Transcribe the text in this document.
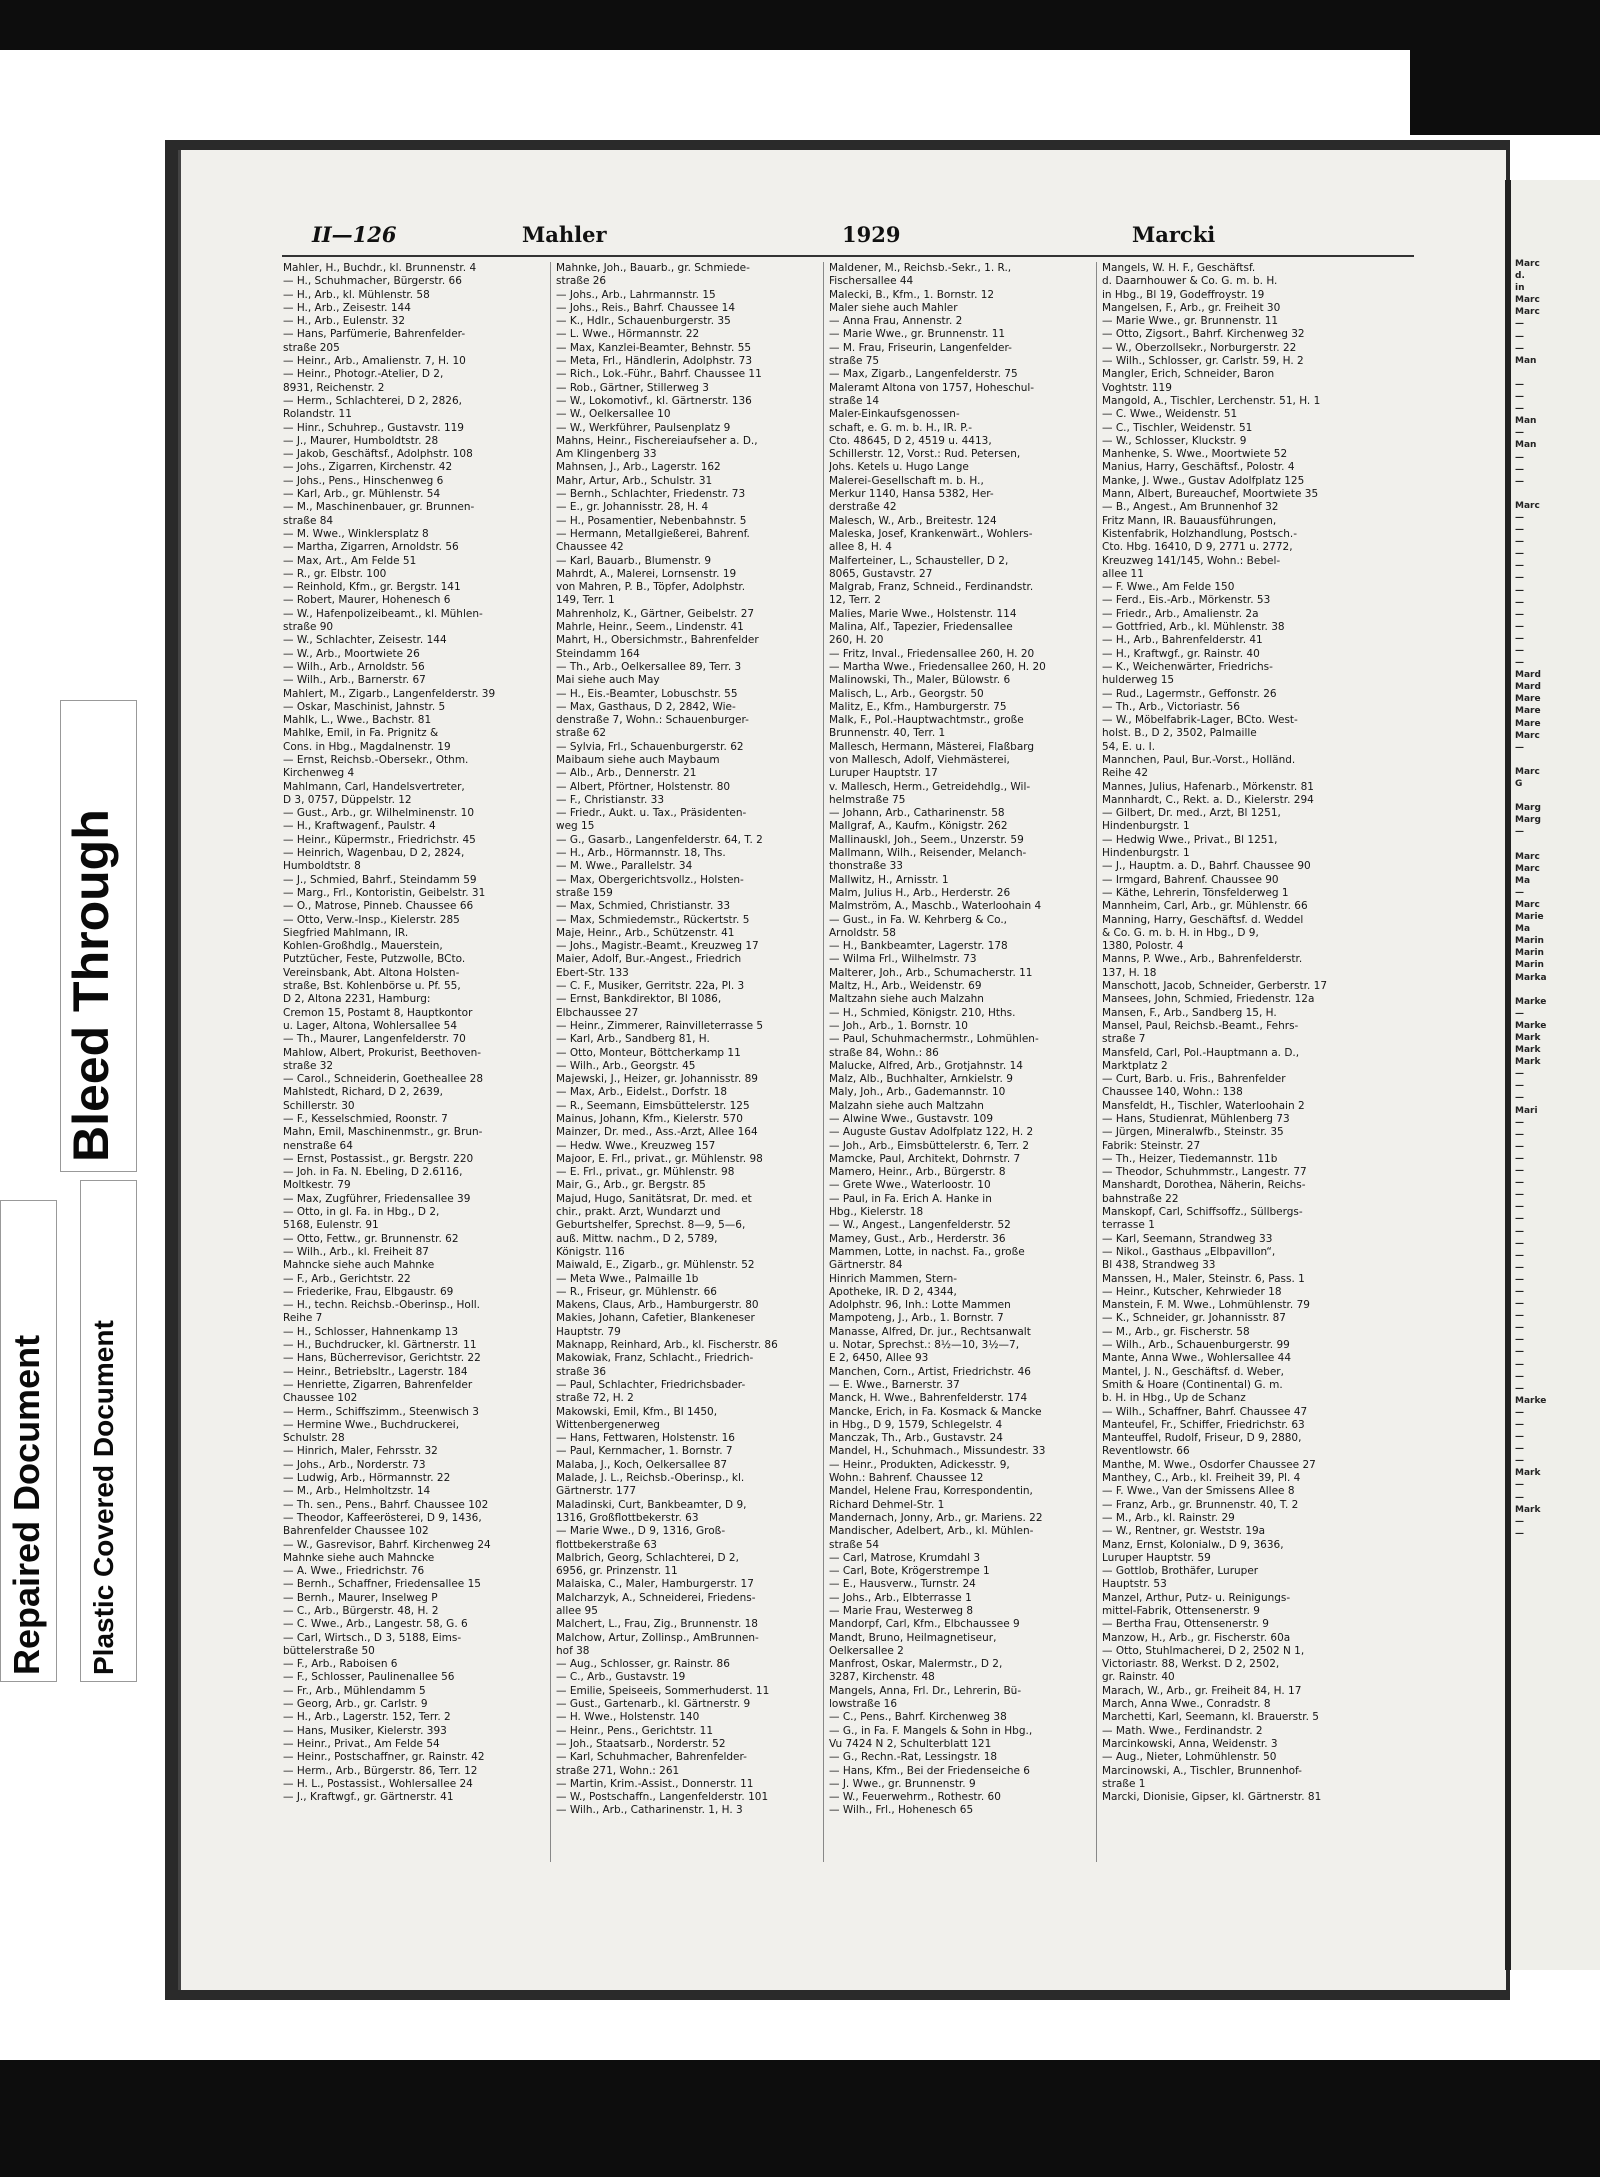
Bleed Through
Repaired Document Plastic Covered Document
Marc
d.
in
Marc
Marc
—
—
—
Man

—
—
—
Man
—
Man
—
—
—

Marc
—
—
—
—
—
—
—
—
—
—
—
—
—
Mard
Mard
Mare
Mare
Mare
Marc
—

Marc
G

Marg
Marg
—

Marc
Marc
Ma
—
Marc
Marie
Ma
Marin
Marin
Marin
Marka

Marke
—
Marke
Mark
Mark
Mark
—
—
—
Mari
—
—
—
—
—
—
—
—
—
—
—
—
—
—
—
—
—
—
—
—
—
—
—
Marke
—
—
—
—
—
Mark
—
—
Mark
—
—
II—126	Mahler	1929	Marcki
Mahler, H., Buchdr., kl. Brunnenstr. 4
— H., Schuhmacher, Bürgerstr. 66
— H., Arb., kl. Mühlenstr. 58
— H., Arb., Zeisestr. 144
— H., Arb., Eulenstr. 32
— Hans, Parfümerie, Bahrenfelder-
straße 205
— Heinr., Arb., Amalienstr. 7, H. 10
— Heinr., Photogr.-Atelier, D 2,
8931, Reichenstr. 2
— Herm., Schlachterei, D 2, 2826,
Rolandstr. 11
— Hinr., Schuhrep., Gustavstr. 119
— J., Maurer, Humboldtstr. 28
— Jakob, Geschäftsf., Adolphstr. 108
— Johs., Zigarren, Kirchenstr. 42
— Johs., Pens., Hinschenweg 6
— Karl, Arb., gr. Mühlenstr. 54
— M., Maschinenbauer, gr. Brunnen-
straße 84
— M. Wwe., Winklersplatz 8
— Martha, Zigarren, Arnoldstr. 56
— Max, Art., Am Felde 51
— R., gr. Elbstr. 100
— Reinhold, Kfm., gr. Bergstr. 141
— Robert, Maurer, Hohenesch 6
— W., Hafenpolizeibeamt., kl. Mühlen-
straße 90
— W., Schlachter, Zeisestr. 144
— W., Arb., Moortwiete 26
— Wilh., Arb., Arnoldstr. 56
— Wilh., Arb., Barnerstr. 67
Mahlert, M., Zigarb., Langenfelderstr. 39
— Oskar, Maschinist, Jahnstr. 5
Mahlk, L., Wwe., Bachstr. 81
Mahlke, Emil, in Fa. Prignitz &
Cons. in Hbg., Magdalnenstr. 19
— Ernst, Reichsb.-Obersekr., Othm.
Kirchenweg 4
Mahlmann, Carl, Handelsvertreter,
D 3, 0757, Düppelstr. 12
— Gust., Arb., gr. Wilhelminenstr. 10
— H., Kraftwagenf., Paulstr. 4
— Heinr., Küpermstr., Friedrichstr. 45
— Heinrich, Wagenbau, D 2, 2824,
Humboldtstr. 8
— J., Schmied, Bahrf., Steindamm 59
— Marg., Frl., Kontoristin, Geibelstr. 31
— O., Matrose, Pinneb. Chaussee 66
— Otto, Verw.-Insp., Kielerstr. 285
Siegfried Mahlmann, IR.
Kohlen-Großhdlg., Mauerstein,
Putztücher, Feste, Putzwolle, BCto.
Vereinsbank, Abt. Altona Holsten-
straße, Bst. Kohlenbörse u. Pf. 55,
D 2, Altona 2231, Hamburg:
Cremon 15, Postamt 8, Hauptkontor
u. Lager, Altona, Wohlersallee 54
— Th., Maurer, Langenfelderstr. 70
Mahlow, Albert, Prokurist, Beethoven-
straße 32
— Carol., Schneiderin, Goetheallee 28
Mahlstedt, Richard, D 2, 2639,
Schillerstr. 30
— F., Kesselschmied, Roonstr. 7
Mahn, Emil, Maschinenmstr., gr. Brun-
nenstraße 64
— Ernst, Postassist., gr. Bergstr. 220
— Joh. in Fa. N. Ebeling, D 2.6116,
Moltkestr. 79
— Max, Zugführer, Friedensallee 39
— Otto, in gl. Fa. in Hbg., D 2,
5168, Eulenstr. 91
— Otto, Fettw., gr. Brunnenstr. 62
— Wilh., Arb., kl. Freiheit 87
Mahncke siehe auch Mahnke
— F., Arb., Gerichtstr. 22
— Friederike, Frau, Elbgaustr. 69
— H., techn. Reichsb.-Oberinsp., Holl.
Reihe 7
— H., Schlosser, Hahnenkamp 13
— H., Buchdrucker, kl. Gärtnerstr. 11
— Hans, Bücherrevisor, Gerichtstr. 22
— Heinr., Betriebsltr., Lagerstr. 184
— Henriette, Zigarren, Bahrenfelder
Chaussee 102
— Herm., Schiffszimm., Steenwisch 3
— Hermine Wwe., Buchdruckerei,
Schulstr. 28
— Hinrich, Maler, Fehrsstr. 32
— Johs., Arb., Norderstr. 73
— Ludwig, Arb., Hörmannstr. 22
— M., Arb., Helmholtzstr. 14
— Th. sen., Pens., Bahrf. Chaussee 102
— Theodor, Kaffeerösterei, D 9, 1436,
Bahrenfelder Chaussee 102
— W., Gasrevisor, Bahrf. Kirchenweg 24
Mahnke siehe auch Mahncke
— A. Wwe., Friedrichstr. 76
— Bernh., Schaffner, Friedensallee 15
— Bernh., Maurer, Inselweg P
— C., Arb., Bürgerstr. 48, H. 2
— C. Wwe., Arb., Langestr. 58, G. 6
— Carl, Wirtsch., D 3, 5188, Eims-
büttelerstraße 50
— F., Arb., Raboisen 6
— F., Schlosser, Paulinenallee 56
— Fr., Arb., Mühlendamm 5
— Georg, Arb., gr. Carlstr. 9
— H., Arb., Lagerstr. 152, Terr. 2
— Hans, Musiker, Kielerstr. 393
— Heinr., Privat., Am Felde 54
— Heinr., Postschaffner, gr. Rainstr. 42
— Herm., Arb., Bürgerstr. 86, Terr. 12
— H. L., Postassist., Wohlersallee 24
— J., Kraftwgf., gr. Gärtnerstr. 41
Mahnke, Joh., Bauarb., gr. Schmiede-
straße 26
— Johs., Arb., Lahrmannstr. 15
— Johs., Reis., Bahrf. Chaussee 14
— K., Hdlr., Schauenburgerstr. 35
— L. Wwe., Hörmannstr. 22
— Max, Kanzlei-Beamter, Behnstr. 55
— Meta, Frl., Händlerin, Adolphstr. 73
— Rich., Lok.-Führ., Bahrf. Chaussee 11
— Rob., Gärtner, Stillerweg 3
— W., Lokomotivf., kl. Gärtnerstr. 136
— W., Oelkersallee 10
— W., Werkführer, Paulsenplatz 9
Mahns, Heinr., Fischereiaufseher a. D.,
Am Klingenberg 33
Mahnsen, J., Arb., Lagerstr. 162
Mahr, Artur, Arb., Schulstr. 31
— Bernh., Schlachter, Friedenstr. 73
— E., gr. Johannisstr. 28, H. 4
— H., Posamentier, Nebenbahnstr. 5
— Hermann, Metallgießerei, Bahrenf.
Chaussee 42
— Karl, Bauarb., Blumenstr. 9
Mahrdt, A., Malerei, Lornsenstr. 19
von Mahren, P. B., Töpfer, Adolphstr.
149, Terr. 1
Mahrenholz, K., Gärtner, Geibelstr. 27
Mahrle, Heinr., Seem., Lindenstr. 41
Mahrt, H., Obersichmstr., Bahrenfelder
Steindamm 164
— Th., Arb., Oelkersallee 89, Terr. 3
Mai siehe auch May
— H., Eis.-Beamter, Lobuschstr. 55
— Max, Gasthaus, D 2, 2842, Wie-
denstraße 7, Wohn.: Schauenburger-
straße 62
— Sylvia, Frl., Schauenburgerstr. 62
Maibaum siehe auch Maybaum
— Alb., Arb., Dennerstr. 21
— Albert, Pförtner, Holstenstr. 80
— F., Christianstr. 33
— Friedr., Aukt. u. Tax., Präsidenten-
weg 15
— G., Gasarb., Langenfelderstr. 64, T. 2
— H., Arb., Hörmannstr. 18, Ths.
— M. Wwe., Parallelstr. 34
— Max, Obergerichtsvollz., Holsten-
straße 159
— Max, Schmied, Christianstr. 33
— Max, Schmiedemstr., Rückertstr. 5
Maje, Heinr., Arb., Schützenstr. 41
— Johs., Magistr.-Beamt., Kreuzweg 17
Maier, Adolf, Bur.-Angest., Friedrich
Ebert-Str. 133
— C. F., Musiker, Gerritstr. 22a, Pl. 3
— Ernst, Bankdirektor, Bl 1086,
Elbchaussee 27
— Heinr., Zimmerer, Rainvilleterrasse 5
— Karl, Arb., Sandberg 81, H.
— Otto, Monteur, Böttcherkamp 11
— Wilh., Arb., Georgstr. 45
Majewski, J., Heizer, gr. Johannisstr. 89
— Max, Arb., Eidelst., Dorfstr. 18
— R., Seemann, Eimsbüttelerstr. 125
Mainus, Johann, Kfm., Kielerstr. 570
Mainzer, Dr. med., Ass.-Arzt, Allee 164
— Hedw. Wwe., Kreuzweg 157
Majoor, E. Frl., privat., gr. Mühlenstr. 98
— E. Frl., privat., gr. Mühlenstr. 98
Mair, G., Arb., gr. Bergstr. 85
Majud, Hugo, Sanitätsrat, Dr. med. et
chir., prakt. Arzt, Wundarzt und
Geburtshelfer, Sprechst. 8—9, 5—6,
auß. Mittw. nachm., D 2, 5789,
Königstr. 116
Maiwald, E., Zigarb., gr. Mühlenstr. 52
— Meta Wwe., Palmaille 1b
— R., Friseur, gr. Mühlenstr. 66
Makens, Claus, Arb., Hamburgerstr. 80
Makies, Johann, Cafetier, Blankeneser
Hauptstr. 79
Maknapp, Reinhard, Arb., kl. Fischerstr. 86
Makowiak, Franz, Schlacht., Friedrich-
straße 36
— Paul, Schlachter, Friedrichsbader-
straße 72, H. 2
Makowski, Emil, Kfm., Bl 1450,
Wittenbergenerweg
— Hans, Fettwaren, Holstenstr. 16
— Paul, Kernmacher, 1. Bornstr. 7
Malaba, J., Koch, Oelkersallee 87
Malade, J. L., Reichsb.-Oberinsp., kl.
Gärtnerstr. 177
Maladinski, Curt, Bankbeamter, D 9,
1316, Großflottbekerstr. 63
— Marie Wwe., D 9, 1316, Groß-
flottbekerstraße 63
Malbrich, Georg, Schlachterei, D 2,
6956, gr. Prinzenstr. 11
Malaiska, C., Maler, Hamburgerstr. 17
Malcharzyk, A., Schneiderei, Friedens-
allee 95
Malchert, L., Frau, Zig., Brunnenstr. 18
Malchow, Artur, Zollinsp., AmBrunnen-
hof 38
— Aug., Schlosser, gr. Rainstr. 86
— C., Arb., Gustavstr. 19
— Emilie, Speiseeis, Sommerhuderst. 11
— Gust., Gartenarb., kl. Gärtnerstr. 9
— H. Wwe., Holstenstr. 140
— Heinr., Pens., Gerichtstr. 11
— Joh., Staatsarb., Norderstr. 52
— Karl, Schuhmacher, Bahrenfelder-
straße 271, Wohn.: 261
— Martin, Krim.-Assist., Donnerstr. 11
— W., Postschaffn., Langenfelderstr. 101
— Wilh., Arb., Catharinenstr. 1, H. 3
Maldener, M., Reichsb.-Sekr., 1. R.,
Fischersallee 44
Malecki, B., Kfm., 1. Bornstr. 12
Maler siehe auch Mahler
— Anna Frau, Annenstr. 2
— Marie Wwe., gr. Brunnenstr. 11
— M. Frau, Friseurin, Langenfelder-
straße 75
— Max, Zigarb., Langenfelderstr. 75
Maleramt Altona von 1757, Hoheschul-
straße 14
Maler-Einkaufsgenossen-
schaft, e. G. m. b. H., IR. P.-
Cto. 48645, D 2, 4519 u. 4413,
Schillerstr. 12, Vorst.: Rud. Petersen,
Johs. Ketels u. Hugo Lange
Malerei-Gesellschaft m. b. H.,
Merkur 1140, Hansa 5382, Her-
derstraße 42
Malesch, W., Arb., Breitestr. 124
Maleska, Josef, Krankenwärt., Wohlers-
allee 8, H. 4
Malferteiner, L., Schausteller, D 2,
8065, Gustavstr. 27
Malgrab, Franz, Schneid., Ferdinandstr.
12, Terr. 2
Malies, Marie Wwe., Holstenstr. 114
Malina, Alf., Tapezier, Friedensallee
260, H. 20
— Fritz, Inval., Friedensallee 260, H. 20
— Martha Wwe., Friedensallee 260, H. 20
Malinowski, Th., Maler, Bülowstr. 6
Malisch, L., Arb., Georgstr. 50
Malitz, E., Kfm., Hamburgerstr. 75
Malk, F., Pol.-Hauptwachtmstr., große
Brunnenstr. 40, Terr. 1
Mallesch, Hermann, Mästerei, Flaßbarg
von Mallesch, Adolf, Viehmästerei,
Luruper Hauptstr. 17
v. Mallesch, Herm., Getreidehdlg., Wil-
helmstraße 75
— Johann, Arb., Catharinenstr. 58
Mallgraf, A., Kaufm., Königstr. 262
Mallinauskl, Joh., Seem., Unzerstr. 59
Mallmann, Wilh., Reisender, Melanch-
thonstraße 33
Mallwitz, H., Arnisstr. 1
Malm, Julius H., Arb., Herderstr. 26
Malmström, A., Maschb., Waterloohain 4
— Gust., in Fa. W. Kehrberg & Co.,
Arnoldstr. 58
— H., Bankbeamter, Lagerstr. 178
— Wilma Frl., Wilhelmstr. 73
Malterer, Joh., Arb., Schumacherstr. 11
Maltz, H., Arb., Weidenstr. 69
Maltzahn siehe auch Malzahn
— H., Schmied, Königstr. 210, Hths.
— Joh., Arb., 1. Bornstr. 10
— Paul, Schuhmachermstr., Lohmühlen-
straße 84, Wohn.: 86
Malucke, Alfred, Arb., Grotjahnstr. 14
Malz, Alb., Buchhalter, Arnkielstr. 9
Maly, Joh., Arb., Gademannstr. 10
Malzahn siehe auch Maltzahn
— Alwine Wwe., Gustavstr. 109
— Auguste Gustav Adolfplatz 122, H. 2
— Joh., Arb., Eimsbüttelerstr. 6, Terr. 2
Mamcke, Paul, Architekt, Dohrnstr. 7
Mamero, Heinr., Arb., Bürgerstr. 8
— Grete Wwe., Waterloostr. 10
— Paul, in Fa. Erich A. Hanke in
Hbg., Kielerstr. 18
— W., Angest., Langenfelderstr. 52
Mamey, Gust., Arb., Herderstr. 36
Mammen, Lotte, in nachst. Fa., große
Gärtnerstr. 84
Hinrich Mammen, Stern-
Apotheke, IR. D 2, 4344,
Adolphstr. 96, Inh.: Lotte Mammen
Mampoteng, J., Arb., 1. Bornstr. 7
Manasse, Alfred, Dr. jur., Rechtsanwalt
u. Notar, Sprechst.: 8½—10, 3½—7,
E 2, 6450, Allee 93
Manchen, Corn., Artist, Friedrichstr. 46
— E. Wwe., Barnerstr. 37
Manck, H. Wwe., Bahrenfelderstr. 174
Mancke, Erich, in Fa. Kosmack & Mancke
in Hbg., D 9, 1579, Schlegelstr. 4
Manczak, Th., Arb., Gustavstr. 24
Mandel, H., Schuhmach., Missundestr. 33
— Heinr., Produkten, Adickesstr. 9,
Wohn.: Bahrenf. Chaussee 12
Mandel, Helene Frau, Korrespondentin,
Richard Dehmel-Str. 1
Mandernach, Jonny, Arb., gr. Mariens. 22
Mandischer, Adelbert, Arb., kl. Mühlen-
straße 54
— Carl, Matrose, Krumdahl 3
— Carl, Bote, Krögerstrempe 1
— E., Hausverw., Turnstr. 24
— Johs., Arb., Elbterrasse 1
— Marie Frau, Westerweg 8
Mandorpf, Carl, Kfm., Elbchaussee 9
Mandt, Bruno, Heilmagnetiseur,
Oelkersallee 2
Manfrost, Oskar, Malermstr., D 2,
3287, Kirchenstr. 48
Mangels, Anna, Frl. Dr., Lehrerin, Bü-
lowstraße 16
— C., Pens., Bahrf. Kirchenweg 38
— G., in Fa. F. Mangels & Sohn in Hbg.,
Vu 7424 N 2, Schulterblatt 121
— G., Rechn.-Rat, Lessingstr. 18
— Hans, Kfm., Bei der Friedenseiche 6
— J. Wwe., gr. Brunnenstr. 9
— W., Feuerwehrm., Rothestr. 60
— Wilh., Frl., Hohenesch 65
Mangels, W. H. F., Geschäftsf.
d. Daarnhouwer & Co. G. m. b. H.
in Hbg., Bl 19, Godeffroystr. 19
Mangelsen, F., Arb., gr. Freiheit 30
— Marie Wwe., gr. Brunnenstr. 11
— Otto, Zigsort., Bahrf. Kirchenweg 32
— W., Oberzollsekr., Norburgerstr. 22
— Wilh., Schlosser, gr. Carlstr. 59, H. 2
Mangler, Erich, Schneider, Baron
Voghtstr. 119
Mangold, A., Tischler, Lerchenstr. 51, H. 1
— C. Wwe., Weidenstr. 51
— C., Tischler, Weidenstr. 51
— W., Schlosser, Kluckstr. 9
Manhenke, S. Wwe., Moortwiete 52
Manius, Harry, Geschäftsf., Polostr. 4
Manke, J. Wwe., Gustav Adolfplatz 125
Mann, Albert, Bureauchef, Moortwiete 35
— B., Angest., Am Brunnenhof 32
Fritz Mann, IR. Bauausführungen,
Kistenfabrik, Holzhandlung, Postsch.-
Cto. Hbg. 16410, D 9, 2771 u. 2772,
Kreuzweg 141/145, Wohn.: Bebel-
allee 11
— F. Wwe., Am Felde 150
— Ferd., Eis.-Arb., Mörkenstr. 53
— Friedr., Arb., Amalienstr. 2a
— Gottfried, Arb., kl. Mühlenstr. 38
— H., Arb., Bahrenfelderstr. 41
— H., Kraftwgf., gr. Rainstr. 40
— K., Weichenwärter, Friedrichs-
hulderweg 15
— Rud., Lagermstr., Geffonstr. 26
— Th., Arb., Victoriastr. 56
— W., Möbelfabrik-Lager, BCto. West-
holst. B., D 2, 3502, Palmaille
54, E. u. I.
Mannchen, Paul, Bur.-Vorst., Holländ.
Reihe 42
Mannes, Julius, Hafenarb., Mörkenstr. 81
Mannhardt, C., Rekt. a. D., Kielerstr. 294
— Gilbert, Dr. med., Arzt, Bl 1251,
Hindenburgstr. 1
— Hedwig Wwe., Privat., Bl 1251,
Hindenburgstr. 1
— J., Hauptm. a. D., Bahrf. Chaussee 90
— Irmgard, Bahrenf. Chaussee 90
— Käthe, Lehrerin, Tönsfelderweg 1
Mannheim, Carl, Arb., gr. Mühlenstr. 66
Manning, Harry, Geschäftsf. d. Weddel
& Co. G. m. b. H. in Hbg., D 9,
1380, Polostr. 4
Manns, P. Wwe., Arb., Bahrenfelderstr.
137, H. 18
Manschott, Jacob, Schneider, Gerberstr. 17
Mansees, John, Schmied, Friedenstr. 12a
Mansen, F., Arb., Sandberg 15, H.
Mansel, Paul, Reichsb.-Beamt., Fehrs-
straße 7
Mansfeld, Carl, Pol.-Hauptmann a. D.,
Marktplatz 2
— Curt, Barb. u. Fris., Bahrenfelder
Chaussee 140, Wohn.: 138
Mansfeldt, H., Tischler, Waterloohain 2
— Hans, Studienrat, Mühlenberg 73
— Jürgen, Mineralwfb., Steinstr. 35
Fabrik: Steinstr. 27
— Th., Heizer, Tiedemannstr. 11b
— Theodor, Schuhmmstr., Langestr. 77
Manshardt, Dorothea, Näherin, Reichs-
bahnstraße 22
Manskopf, Carl, Schiffsoffz., Süllbergs-
terrasse 1
— Karl, Seemann, Strandweg 33
— Nikol., Gasthaus „Elbpavillon“,
Bl 438, Strandweg 33
Manssen, H., Maler, Steinstr. 6, Pass. 1
— Heinr., Kutscher, Kehrwieder 18
Manstein, F. M. Wwe., Lohmühlenstr. 79
— K., Schneider, gr. Johannisstr. 87
— M., Arb., gr. Fischerstr. 58
— Wilh., Arb., Schauenburgerstr. 99
Mante, Anna Wwe., Wohlersallee 44
Mantel, J. N., Geschäftsf. d. Weber,
Smith & Hoare (Continental) G. m.
b. H. in Hbg., Up de Schanz
— Wilh., Schaffner, Bahrf. Chaussee 47
Manteufel, Fr., Schiffer, Friedrichstr. 63
Manteuffel, Rudolf, Friseur, D 9, 2880,
Reventlowstr. 66
Manthe, M. Wwe., Osdorfer Chaussee 27
Manthey, C., Arb., kl. Freiheit 39, Pl. 4
— F. Wwe., Van der Smissens Allee 8
— Franz, Arb., gr. Brunnenstr. 40, T. 2
— M., Arb., kl. Rainstr. 29
— W., Rentner, gr. Weststr. 19a
Manz, Ernst, Kolonialw., D 9, 3636,
Luruper Hauptstr. 59
— Gottlob, Brothäfer, Luruper
Hauptstr. 53
Manzel, Arthur, Putz- u. Reinigungs-
mittel-Fabrik, Ottensenerstr. 9
— Bertha Frau, Ottensenerstr. 9
Manzow, H., Arb., gr. Fischerstr. 60a
— Otto, Stuhlmacherei, D 2, 2502 N 1,
Victoriastr. 88, Werkst. D 2, 2502,
gr. Rainstr. 40
Marach, W., Arb., gr. Freiheit 84, H. 17
March, Anna Wwe., Conradstr. 8
Marchetti, Karl, Seemann, kl. Brauerstr. 5
— Math. Wwe., Ferdinandstr. 2
Marcinkowski, Anna, Weidenstr. 3
— Aug., Nieter, Lohmühlenstr. 50
Marcinowski, A., Tischler, Brunnenhof-
straße 1
Marcki, Dionisie, Gipser, kl. Gärtnerstr. 81
